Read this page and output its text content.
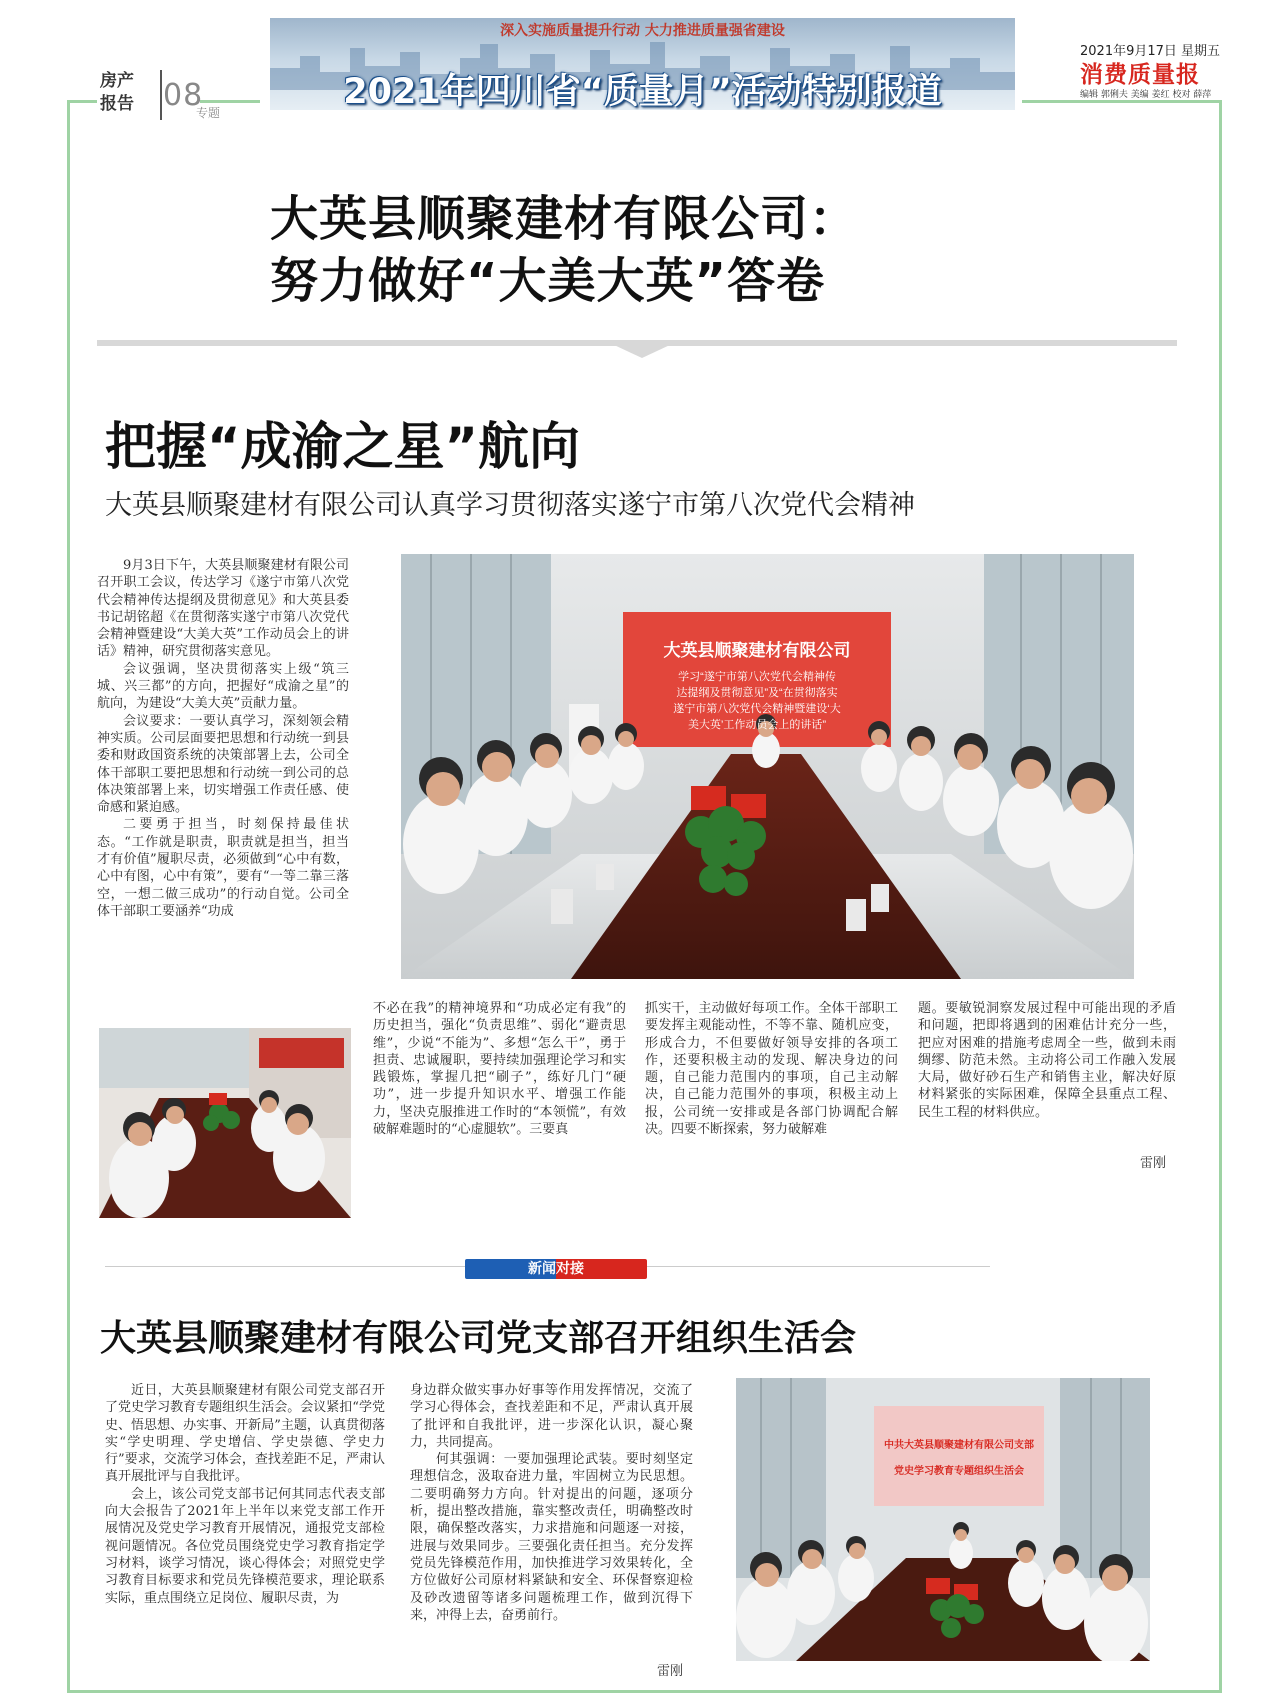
房产
报告 08
专题
深入实施质量提升行动 大力推进质量强省建设
2021年四川省“质量月”活动特别报道
2021年9月17日 星期五
消费质量报
编辑 郭俐夫 美编 姜红 校对 薛萍
大英县顺聚建材有限公司：
努力做好“大美大英”答卷
把握“成渝之星”航向
大英县顺聚建材有限公司认真学习贯彻落实遂宁市第八次党代会精神

9月3日下午，大英县顺聚建材有限公司召开职工会议，传达学习《遂宁市第八次党代会精神传达提纲及贯彻意见》和大英县委书记胡铭超《在贯彻落实遂宁市第八次党代会精神暨建设“大美大英”工作动员会上的讲话》精神，研究贯彻落实意见。

会议强调，坚决贯彻落实上级“筑三城、兴三都”的方向，把握好“成渝之星”的航向，为建设“大美大英”贡献力量。

会议要求：一要认真学习，深刻领会精神实质。公司层面要把思想和行动统一到县委和财政国资系统的决策部署上去，公司全体干部职工要把思想和行动统一到公司的总体决策部署上来，切实增强工作责任感、使命感和紧迫感。

二要勇于担当，时刻保持最佳状态。“工作就是职责，职责就是担当，担当才有价值”履职尽责，必须做到“心中有数，心中有图，心中有策”，要有“一等二靠三落空，一想二做三成功”的行动自觉。公司全体干部职工要涵养“功成

大英县顺聚建材有限公司
学习“遂宁市第八次党代会精神传
达提纲及贯彻意见”及“在贯彻落实
遂宁市第八次党代会精神暨建设‘大
美大英’工作动员会上的讲话”

不必在我”的精神境界和“功成必定有我”的历史担当，强化“负责思维”、弱化“避责思维”，少说“不能为”、多想“怎么干”，勇于担责、忠诚履职，要持续加强理论学习和实践锻炼，掌握几把“刷子”，练好几门“硬功”，进一步提升知识水平、增强工作能力，坚决克服推进工作时的“本领慌”，有效破解难题时的“心虚腿软”。三要真

抓实干，主动做好每项工作。全体干部职工要发挥主观能动性，不等不靠、随机应变，形成合力，不但要做好领导安排的各项工作，还要积极主动的发现、解决身边的问题，自己能力范围内的事项，自己主动解决，自己能力范围外的事项，积极主动上报，公司统一安排或是各部门协调配合解决。四要不断探索，努力破解难

题。要敏锐洞察发展过程中可能出现的矛盾和问题，把即将遇到的困难估计充分一些，把应对困难的措施考虑周全一些，做到未雨绸缪、防范未然。主动将公司工作融入发展大局，做好砂石生产和销售主业，解决好原材料紧张的实际困难，保障全县重点工程、民生工程的材料供应。

雷刚
新闻 对接
大英县顺聚建材有限公司党支部召开组织生活会

近日，大英县顺聚建材有限公司党支部召开了党史学习教育专题组织生活会。会议紧扣“学党史、悟思想、办实事、开新局”主题，认真贯彻落实“学史明理、学史增信、学史崇德、学史力行”要求，交流学习体会，查找差距不足，严肃认真开展批评与自我批评。

会上，该公司党支部书记何其同志代表支部向大会报告了2021年上半年以来党支部工作开展情况及党史学习教育开展情况，通报党支部检视问题情况。各位党员围绕党史学习教育指定学习材料，谈学习情况，谈心得体会；对照党史学习教育目标要求和党员先锋模范要求，理论联系实际，重点围绕立足岗位、履职尽责，为

身边群众做实事办好事等作用发挥情况，交流了学习心得体会，查找差距和不足，严肃认真开展了批评和自我批评，进一步深化认识，凝心聚力，共同提高。

何其强调：一要加强理论武装。要时刻坚定理想信念，汲取奋进力量，牢固树立为民思想。二要明确努力方向。针对提出的问题，逐项分析，提出整改措施，靠实整改责任，明确整改时限，确保整改落实，力求措施和问题逐一对接，进展与效果同步。三要强化责任担当。充分发挥党员先锋模范作用，加快推进学习效果转化，全方位做好公司原材料紧缺和安全、环保督察迎检及砂改遗留等诸多问题梳理工作，做到沉得下来，冲得上去，奋勇前行。

雷刚
中共大英县顺聚建材有限公司支部
党史学习教育专题组织生活会
